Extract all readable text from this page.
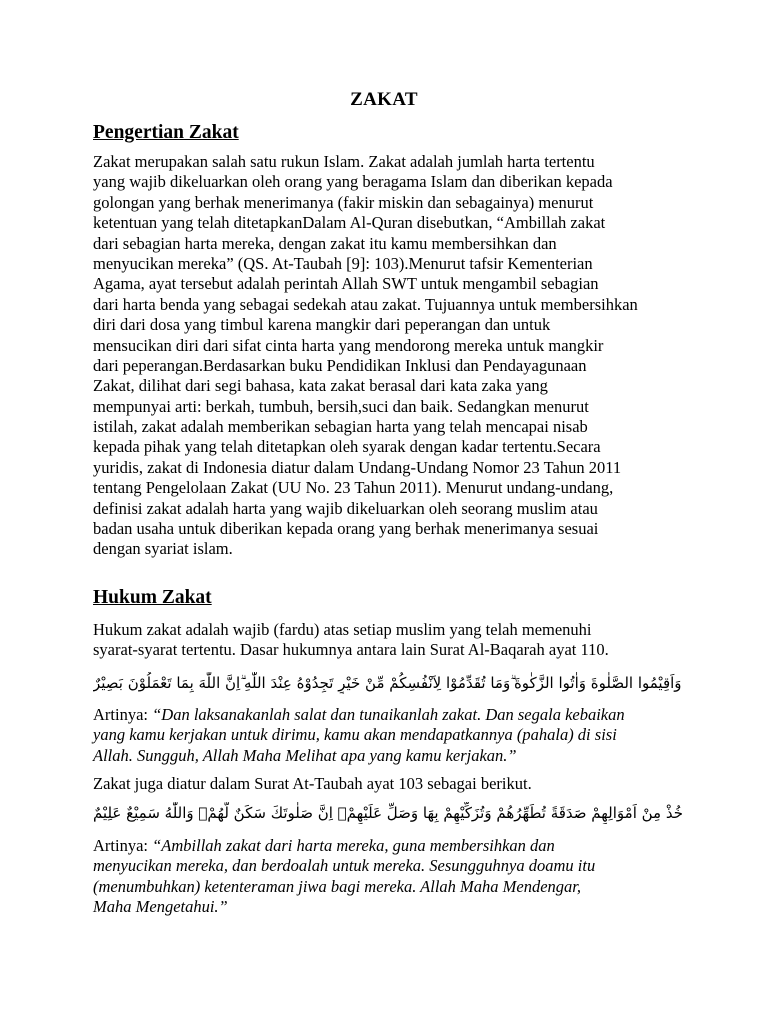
ZAKAT
Pengertian Zakat
Zakat merupakan salah satu rukun Islam. Zakat adalah jumlah harta tertentu
yang wajib dikeluarkan oleh orang yang beragama Islam dan diberikan kepada
golongan yang berhak menerimanya (fakir miskin dan sebagainya) menurut
ketentuan yang telah ditetapkanDalam Al-Quran disebutkan, “Ambillah zakat
dari sebagian harta mereka, dengan zakat itu kamu membersihkan dan
menyucikan mereka” (QS. At-Taubah [9]: 103).Menurut tafsir Kementerian
Agama, ayat tersebut adalah perintah Allah SWT untuk mengambil sebagian
dari harta benda yang sebagai sedekah atau zakat. Tujuannya untuk membersihkan
diri dari dosa yang timbul karena mangkir dari peperangan dan untuk
mensucikan diri dari sifat cinta harta yang mendorong mereka untuk mangkir
dari peperangan.Berdasarkan buku Pendidikan Inklusi dan Pendayagunaan
Zakat, dilihat dari segi bahasa, kata zakat berasal dari kata zaka yang
mempunyai arti: berkah, tumbuh, bersih,suci dan baik. Sedangkan menurut
istilah, zakat adalah memberikan sebagian harta yang telah mencapai nisab
kepada pihak yang telah ditetapkan oleh syarak dengan kadar tertentu.Secara
yuridis, zakat di Indonesia diatur dalam Undang-Undang Nomor 23 Tahun 2011
tentang Pengelolaan Zakat (UU No. 23 Tahun 2011). Menurut undang-undang,
definisi zakat adalah harta yang wajib dikeluarkan oleh seorang muslim atau
badan usaha untuk diberikan kepada orang yang berhak menerimanya sesuai
dengan syariat islam.
Hukum Zakat
Hukum zakat adalah wajib (fardu) atas setiap muslim yang telah memenuhi
syarat-syarat tertentu. Dasar hukumnya antara lain Surat Al-Baqarah ayat 110.
وَاَقِيْمُوا الصَّلٰوةَ وَاٰتُوا الزَّكٰوةَ ۗوَمَا تُقَدِّمُوْا لِاَنْفُسِكُمْ مِّنْ خَيْرٍ تَجِدُوْهُ عِنْدَ اللّٰهِ ۗاِنَّ اللّٰهَ بِمَا تَعْمَلُوْنَ بَصِيْرٌ
Artinya: “Dan laksanakanlah salat dan tunaikanlah zakat. Dan segala kebaikan
yang kamu kerjakan untuk dirimu, kamu akan mendapatkannya (pahala) di sisi
Allah. Sungguh, Allah Maha Melihat apa yang kamu kerjakan.”
Zakat juga diatur dalam Surat At-Taubah ayat 103 sebagai berikut.
خُذْ مِنْ اَمْوَالِهِمْ صَدَقَةً تُطَهِّرُهُمْ وَتُزَكِّيْهِمْ بِهَا وَصَلِّ عَلَيْهِمْۗ اِنَّ صَلٰوتَكَ سَكَنٌ لَّهُمْۗ وَاللّٰهُ سَمِيْعٌ عَلِيْمٌ
Artinya: “Ambillah zakat dari harta mereka, guna membersihkan dan
menyucikan mereka, dan berdoalah untuk mereka. Sesungguhnya doamu itu
(menumbuhkan) ketenteraman jiwa bagi mereka. Allah Maha Mendengar,
Maha Mengetahui.”
